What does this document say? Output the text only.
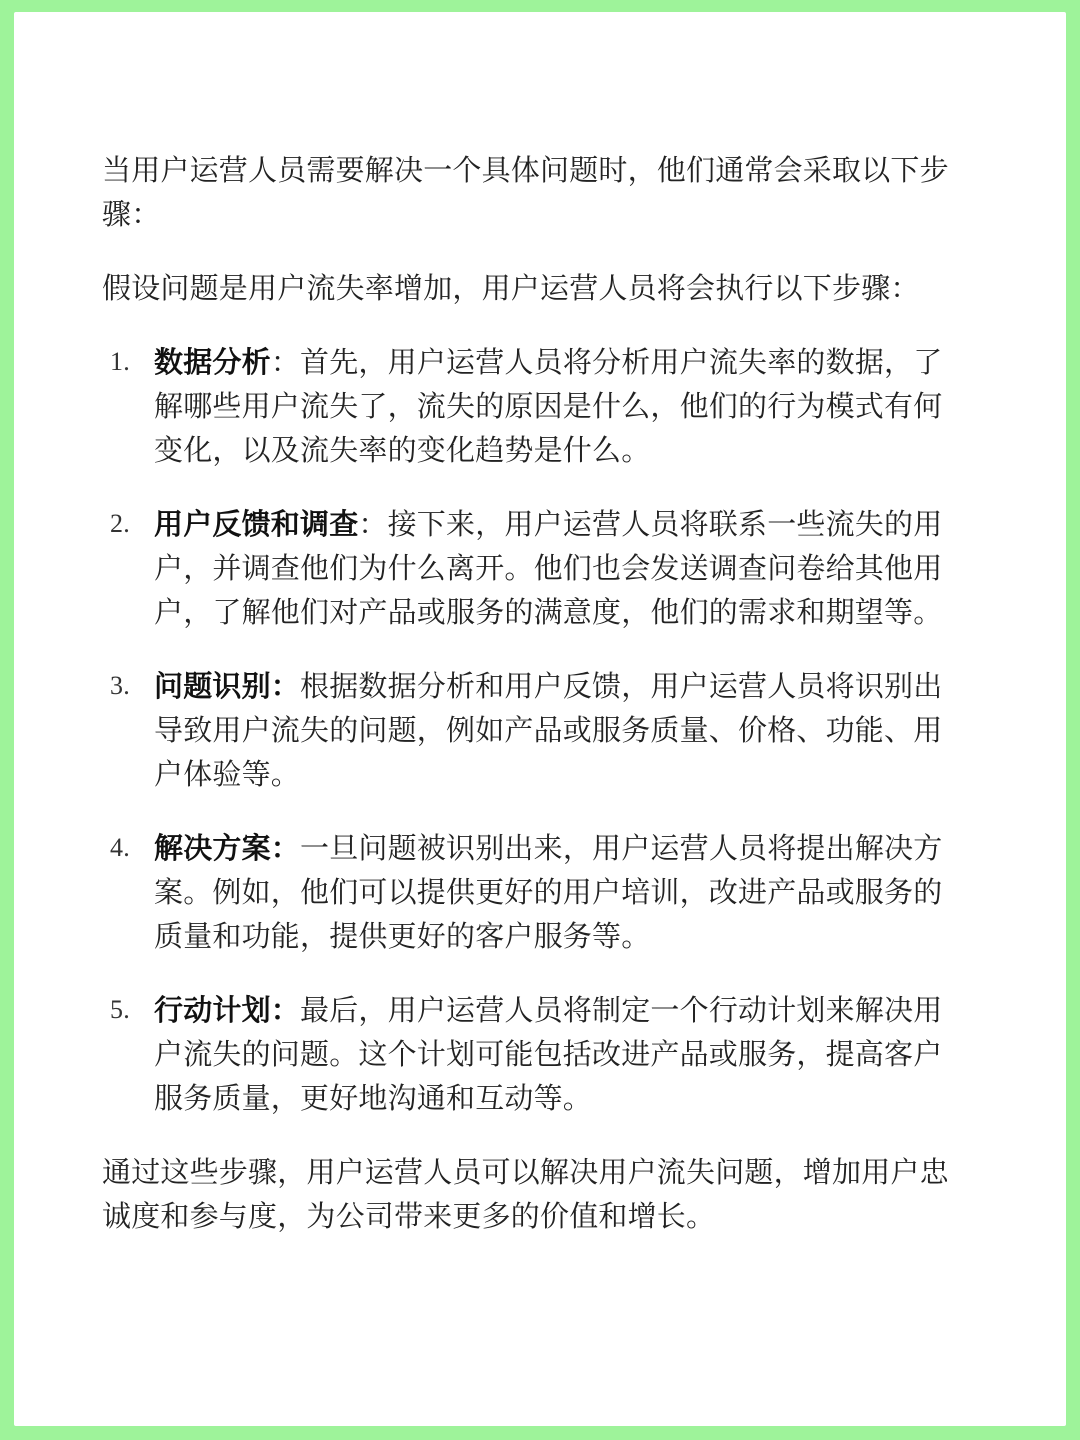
当用户运营人员需要解决一个具体问题时，他们通常会采取以下步骤：

假设问题是用户流失率增加，用户运营人员将会执行以下步骤：

1. 数据分析：首先，用户运营人员将分析用户流失率的数据，了解哪些用户流失了，流失的原因是什么，他们的行为模式有何变化，以及流失率的变化趋势是什么。
2. 用户反馈和调查：接下来，用户运营人员将联系一些流失的用户，并调查他们为什么离开。他们也会发送调查问卷给其他用户，了解他们对产品或服务的满意度，他们的需求和期望等。
3. 问题识别：根据数据分析和用户反馈，用户运营人员将识别出导致用户流失的问题，例如产品或服务质量、价格、功能、用户体验等。
4. 解决方案：一旦问题被识别出来，用户运营人员将提出解决方案。例如，他们可以提供更好的用户培训，改进产品或服务的质量和功能，提供更好的客户服务等。
5. 行动计划：最后，用户运营人员将制定一个行动计划来解决用户流失的问题。这个计划可能包括改进产品或服务，提高客户服务质量，更好地沟通和互动等。

通过这些步骤，用户运营人员可以解决用户流失问题，增加用户忠诚度和参与度，为公司带来更多的价值和增长。
